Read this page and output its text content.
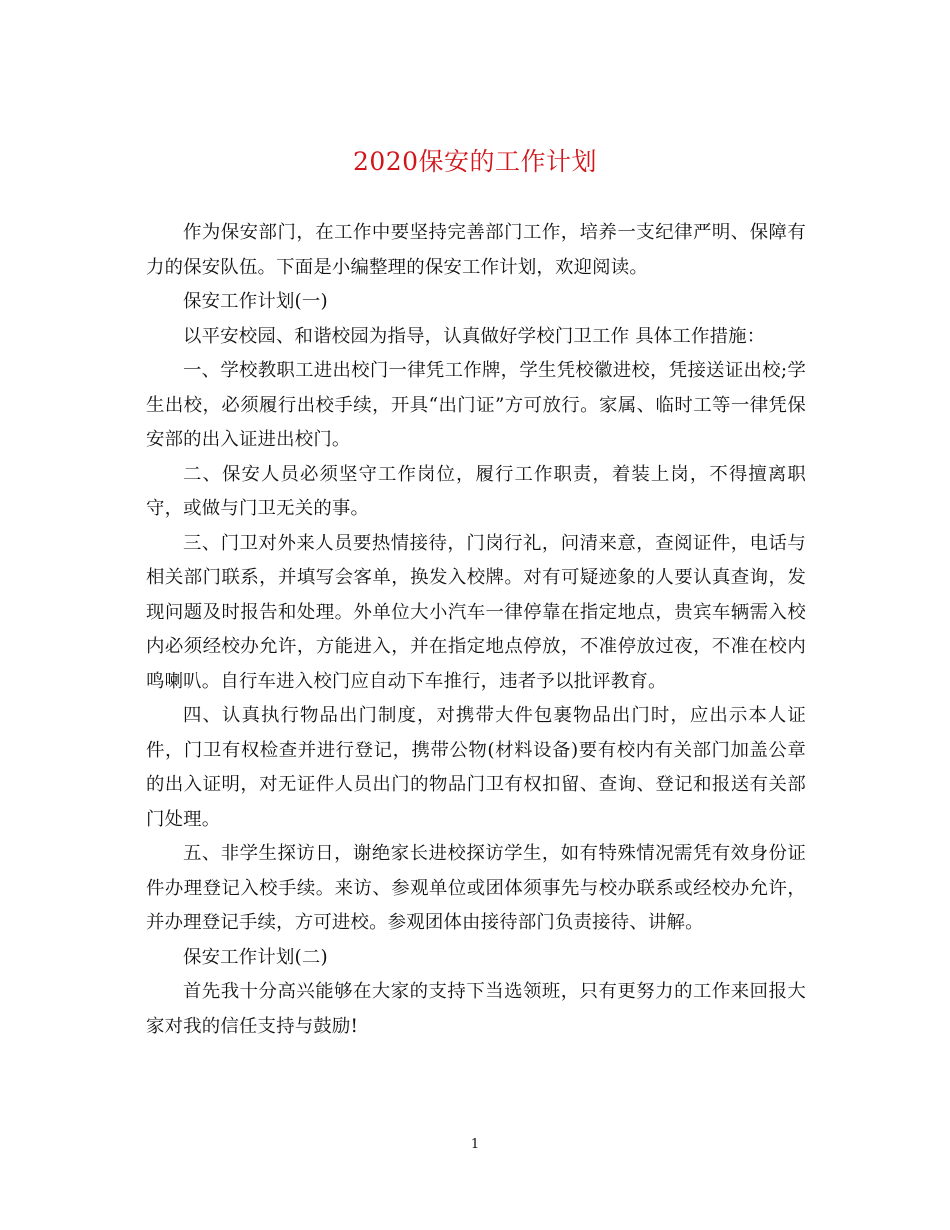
2020保安的工作计划

作为保安部门，在工作中要坚持完善部门工作，培养一支纪律严明、保障有力的保安队伍。下面是小编整理的保安工作计划，欢迎阅读。

保安工作计划(一)

以平安校园、和谐校园为指导，认真做好学校门卫工作 具体工作措施：

一、学校教职工进出校门一律凭工作牌，学生凭校徽进校，凭接送证出校;学生出校，必须履行出校手续，开具“出门证”方可放行。家属、临时工等一律凭保安部的出入证进出校门。

二、保安人员必须坚守工作岗位，履行工作职责，着装上岗，不得擅离职守，或做与门卫无关的事。

三、门卫对外来人员要热情接待，门岗行礼，问清来意，查阅证件，电话与相关部门联系，并填写会客单，换发入校牌。对有可疑迹象的人要认真查询，发现问题及时报告和处理。外单位大小汽车一律停靠在指定地点，贵宾车辆需入校内必须经校办允许，方能进入，并在指定地点停放，不准停放过夜，不准在校内鸣喇叭。自行车进入校门应自动下车推行，违者予以批评教育。

四、认真执行物品出门制度，对携带大件包裹物品出门时，应出示本人证件，门卫有权检查并进行登记，携带公物(材料设备)要有校内有关部门加盖公章的出入证明，对无证件人员出门的物品门卫有权扣留、查询、登记和报送有关部门处理。

五、非学生探访日，谢绝家长进校探访学生，如有特殊情况需凭有效身份证件办理登记入校手续。来访、参观单位或团体须事先与校办联系或经校办允许，并办理登记手续，方可进校。参观团体由接待部门负责接待、讲解。

保安工作计划(二)

首先我十分高兴能够在大家的支持下当选领班，只有更努力的工作来回报大家对我的信任支持与鼓励!

1
